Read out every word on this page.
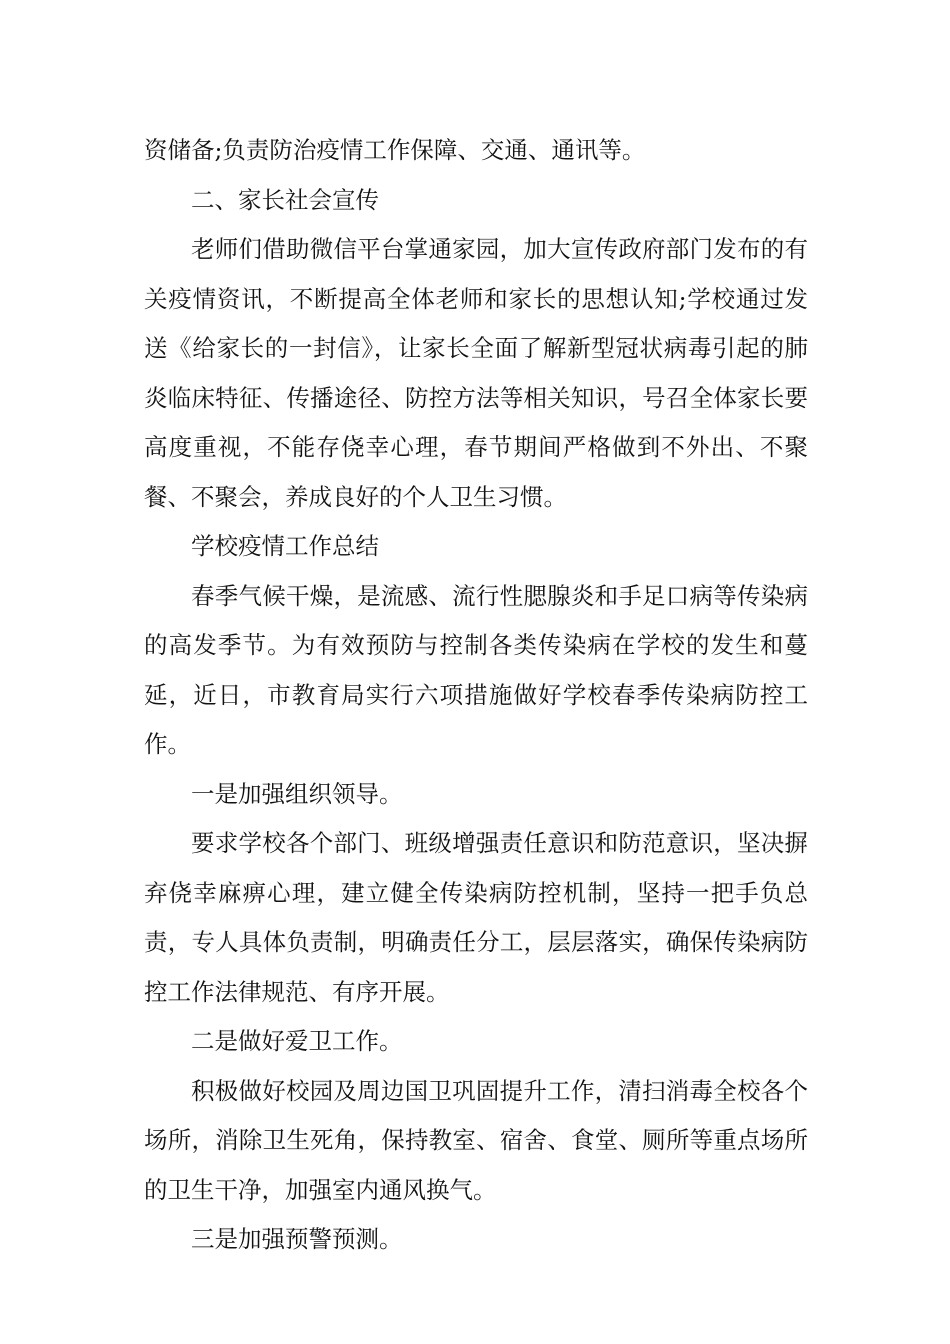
资储备;负责防治疫情工作保障、交通、通讯等。

二、家长社会宣传

老师们借助微信平台掌通家园，加大宣传政府部门发布的有关疫情资讯，不断提高全体老师和家长的思想认知;学校通过发送《给家长的一封信》，让家长全面了解新型冠状病毒引起的肺炎临床特征、传播途径、防控方法等相关知识，号召全体家长要高度重视，不能存侥幸心理，春节期间严格做到不外出、不聚餐、不聚会，养成良好的个人卫生习惯。

学校疫情工作总结

春季气候干燥，是流感、流行性腮腺炎和手足口病等传染病的高发季节。为有效预防与控制各类传染病在学校的发生和蔓延，近日，市教育局实行六项措施做好学校春季传染病防控工作。

一是加强组织领导。

要求学校各个部门、班级增强责任意识和防范意识，坚决摒弃侥幸麻痹心理，建立健全传染病防控机制，坚持一把手负总责，专人具体负责制，明确责任分工，层层落实，确保传染病防控工作法律规范、有序开展。

二是做好爱卫工作。

积极做好校园及周边国卫巩固提升工作，清扫消毒全校各个场所，消除卫生死角，保持教室、宿舍、食堂、厕所等重点场所的卫生干净，加强室内通风换气。

三是加强预警预测。
